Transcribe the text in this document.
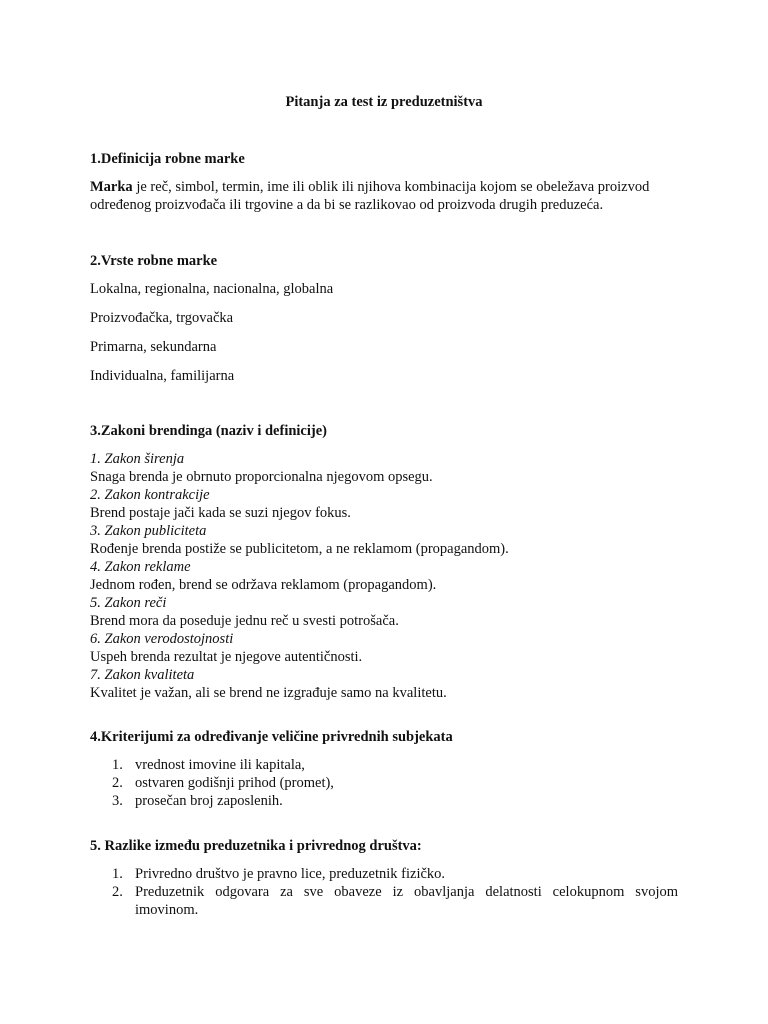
Pitanja za test iz preduzetništva

1.Definicija robne marke

Marka je reč, simbol, termin, ime ili oblik ili njihova kombinacija kojom se obeležava proizvod određenog proizvođača ili trgovine a da bi se razlikovao od proizvoda drugih preduzeća.

2.Vrste robne marke

Lokalna, regionalna, nacionalna, globalna

Proizvođačka, trgovačka

Primarna, sekundarna

Individualna, familijarna

3.Zakoni brendinga (naziv i definicije)

1. Zakon širenja

Snaga brenda je obrnuto proporcionalna njegovom opsegu.

2. Zakon kontrakcije

Brend postaje jači kada se suzi njegov fokus.

3. Zakon publiciteta

Rođenje brenda postiže se publicitetom, a ne reklamom (propagandom).

4. Zakon reklame

Jednom rođen, brend se održava reklamom (propagandom).

5. Zakon reči

Brend mora da poseduje jednu reč u svesti potrošača.

6. Zakon verodostojnosti

Uspeh brenda rezultat je njegove autentičnosti.

7. Zakon kvaliteta

Kvalitet je važan, ali se brend ne izgrađuje samo na kvalitetu.

4.Kriterijumi za određivanje veličine privrednih subjekata

1. vrednost imovine ili kapitala,
2. ostvaren godišnji prihod (promet),
3. prosečan broj zaposlenih.

5. Razlike između preduzetnika i privrednog društva:

1. Privredno društvo je pravno lice, preduzetnik fizičko.
2. Preduzetnik odgovara za sve obaveze iz obavljanja delatnosti celokupnom svojom imovinom.
